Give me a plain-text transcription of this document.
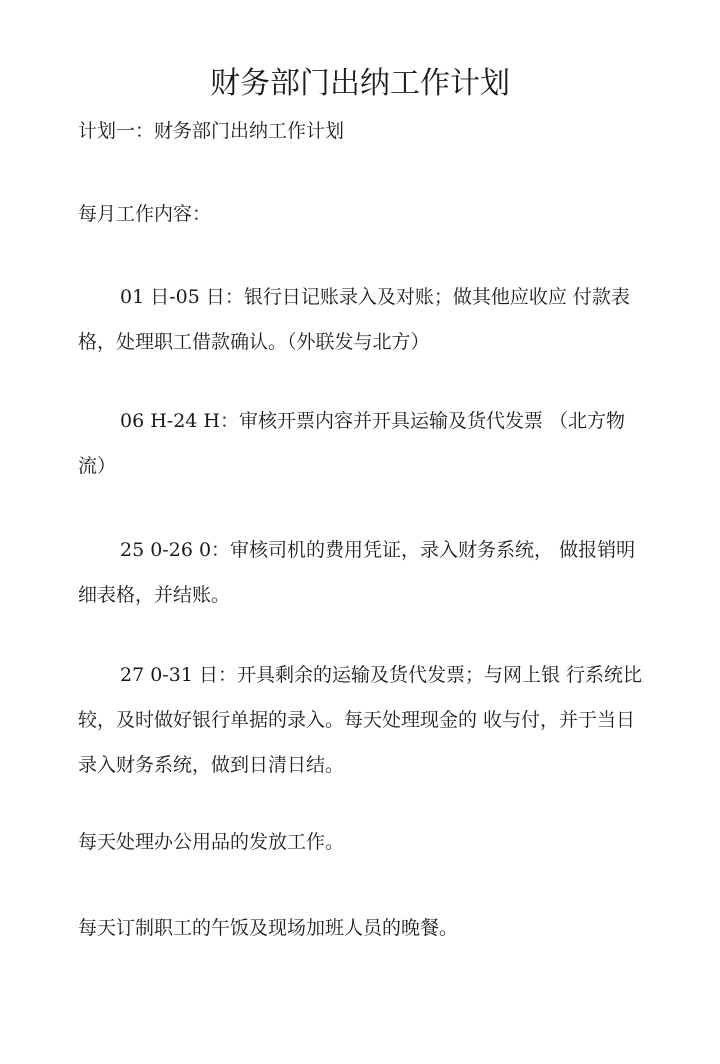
财务部门出纳工作计划

计划一：财务部门出纳工作计划

每月工作内容：

01 日-05 日：银行日记账录入及对账；做其他应收应 付款表格，处理职工借款确认。（外联发与北方）

06 H-24 H：审核开票内容并开具运输及货代发票 （北方物 流）

25 0-26 0：审核司机的费用凭证，录入财务系统， 做报销明细表格，并结账。

27 0-31 日：开具剩余的运输及货代发票；与网上银 行系统比较，及时做好银行单据的录入。每天处理现金的 收与付，并于当日录入财务系统，做到日清日结。

每天处理办公用品的发放工作。

每天订制职工的午饭及现场加班人员的晚餐。
